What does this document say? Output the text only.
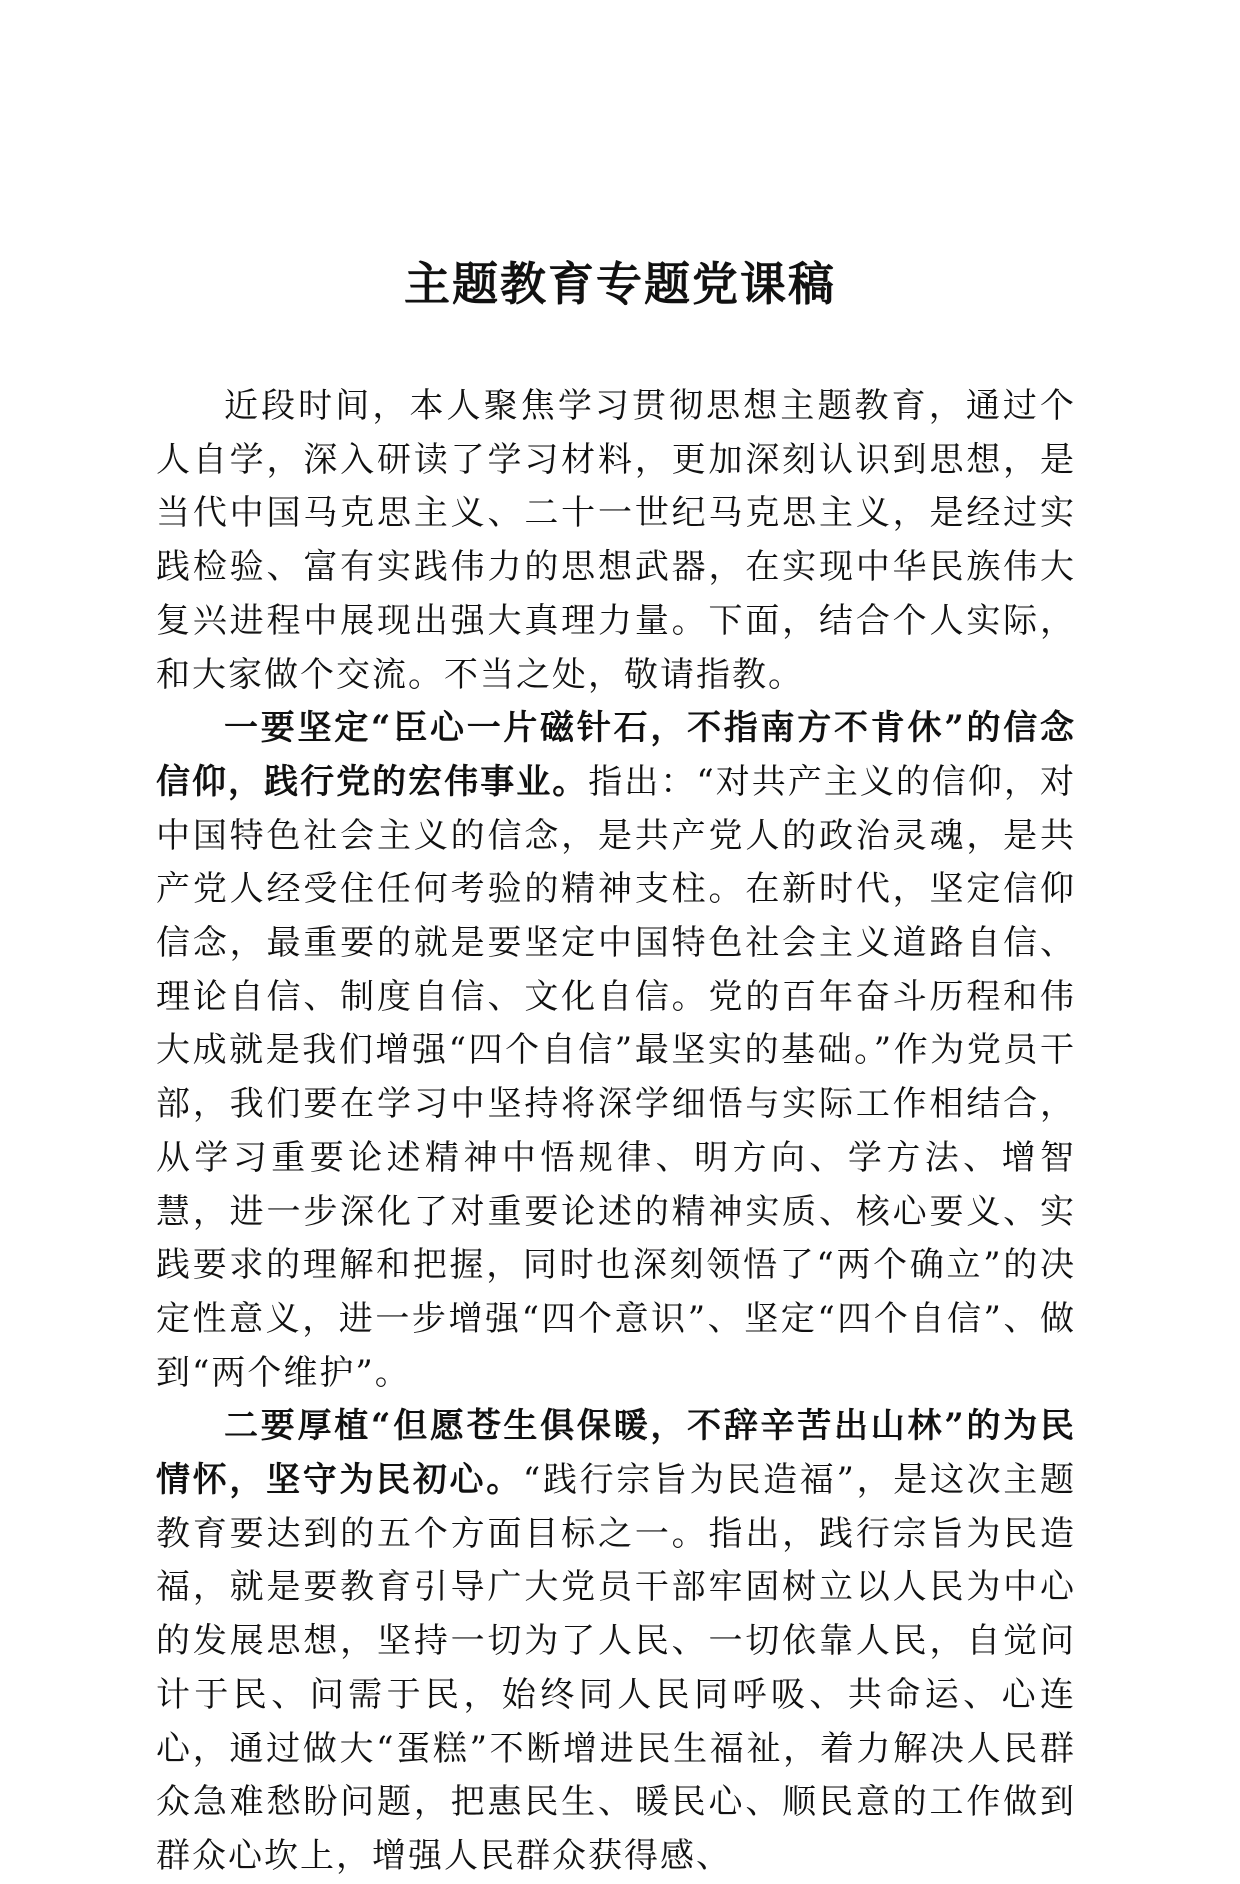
主题教育专题党课稿

近段时间，本人聚焦学习贯彻思想主题教育，通过个人自学，深入研读了学习材料，更加深刻认识到思想，是当代中国马克思主义、二十一世纪马克思主义，是经过实践检验、富有实践伟力的思想武器，在实现中华民族伟大复兴进程中展现出强大真理力量。下面，结合个人实际，和大家做个交流。不当之处，敬请指教。

一要坚定“臣心一片磁针石，不指南方不肯休”的信念信仰，践行党的宏伟事业。指出：“对共产主义的信仰，对中国特色社会主义的信念，是共产党人的政治灵魂，是共产党人经受住任何考验的精神支柱。在新时代，坚定信仰信念，最重要的就是要坚定中国特色社会主义道路自信、理论自信、制度自信、文化自信。党的百年奋斗历程和伟大成就是我们增强“四个自信”最坚实的基础。”作为党员干部，我们要在学习中坚持将深学细悟与实际工作相结合，从学习重要论述精神中悟规律、明方向、学方法、增智慧，进一步深化了对重要论述的精神实质、核心要义、实践要求的理解和把握，同时也深刻领悟了“两个确立”的决定性意义，进一步增强“四个意识”、坚定“四个自信”、做到“两个维护”。

二要厚植“但愿苍生俱保暖，不辞辛苦出山林”的为民情怀，坚守为民初心。“践行宗旨为民造福”，是这次主题教育要达到的五个方面目标之一。指出，践行宗旨为民造福，就是要教育引导广大党员干部牢固树立以人民为中心的发展思想，坚持一切为了人民、一切依靠人民，自觉问计于民、问需于民，始终同人民同呼吸、共命运、心连心，通过做大“蛋糕”不断增进民生福祉，着力解决人民群众急难愁盼问题，把惠民生、暖民心、顺民意的工作做到群众心坎上，增强人民群众获得感、
